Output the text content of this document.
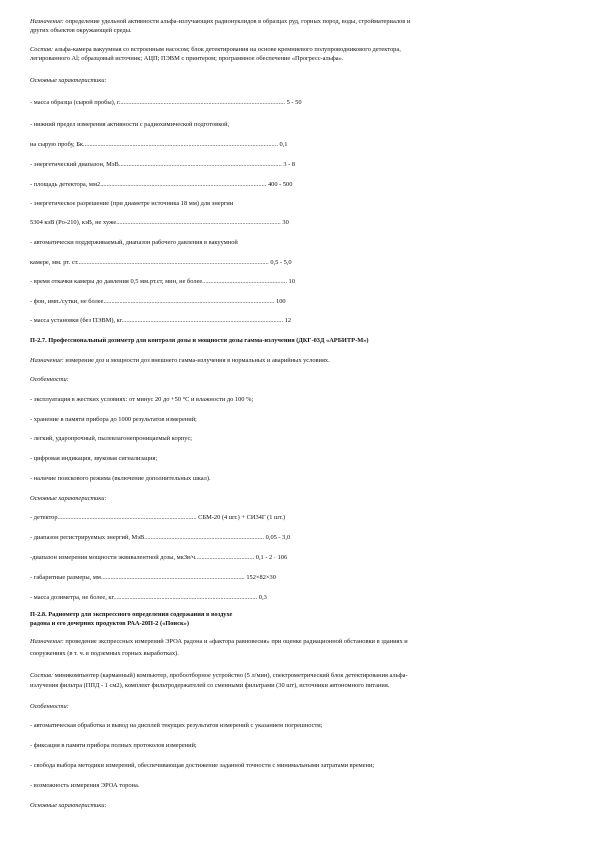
Назначение: определение удельной активности альфа-излучающих радионуклидов в образцах руд, горных пород, воды, стройматериалов и
других объектов окружающей среды.
Состав: альфа-камера вакуумная со встроенным насосом; блок детектирования на основе кремниевого полупроводникового детектора,
легированного Al; образцовый источник; АЦП; ПЭВМ с принтером; программное обеспечение «Прогресс-альфа».
Основные характеристики:
- масса образца (сырой пробы), г........................................................................................................ 5 - 50
- нижний предел измерения активности с радиохимической подготовкой,
на сырую пробу, Бк.......................................................................................................................... 0,1
- энергетический диапазон, МэВ...................................................................................................... 3 - 8
- площадь детектора, мм2........................................................................................................ 400 - 500
- энергетическое разрешение (при диаметре источника 18 мм) для энергии
5304 кэВ (Po-210), кэВ, не хуже....................................................................................................... 30
- автоматически поддерживаемый, диапазон рабочего давления в вакуумной
камере, мм. рт. ст........................................................................................................................ 0,5 - 5,0
- время откачки камеры до давления 0,5 мм.рт.ст, мин, не более..................................................... 10
- фон, имп./сутки, не более........................................................................................................... 100
- масса установки (без ПЭВМ), кг..................................................................................................... 12
П-2.7. Профессиональный дозиметр для контроля дозы и мощности дозы гамма-излучения (ДКГ-03Д «АРБИТР-М»)
Назначение: измерение доз и мощности доз внешнего гамма-излучения в нормальных и аварийных условиях.
Особенности:
- эксплуатация в жестких условиях: от минус 20 до +50 °С и влажности до 100 %;
- хранение в памяти прибора до 1000 результатов измерений;
- легкий, ударопрочный, пылевлагонепроницаемый корпус;
- цифровая индикация, звуковая сигнализация;
- наличие поискового режима (включение дополнительных шкал).
Основные характеристики:
- детектор....................................................................................... СБМ-20 (4 шт.) + СИ34Г (1 шт.)
- диапазон регистрируемых энергий, МэВ........................................................................... 0,05 - 3,0
-диапазон измерения мощности эквивалентной дозы, мкЗв/ч..................................... 0,1 - 2 · 106
- габаритные размеры, мм.......................................................................................... 152×82×30
- масса дозиметра, не более, кг.......................................................................................... 0,3
П-2.8. Радиометр для экспрессного определения содержания в воздухе
радона и его дочерних продуктов РАА-20П-2 («Поиск»)
Назначение: проведение экспрессных измерений ЭРОА радона и «фактора равновесия» при оценке радиационной обстановки в зданиях и
сооружениях (в т. ч. в подземных горных выработках).
Состав: миникомпьютер (карманный) компьютер, пробоотборное устройство (5 л/мин), спектрометрический блок детектирования альфа-
излучения фильтра (ППД - 1 см2), комплект фильтродержателей со сменными фильтрами (30 шт), источники автономного питания.
Особенности:
- автоматическая обработка и вывод на дисплей текущих результатов измерений с указанием погрешности;
- фиксация в памяти прибора полных протоколов измерений;
- свобода выбора методики измерений, обеспечивающая достижение заданной точности с минимальными затратами времени;
- возможность измерения ЭРОА торона.
Основные характеристики:
